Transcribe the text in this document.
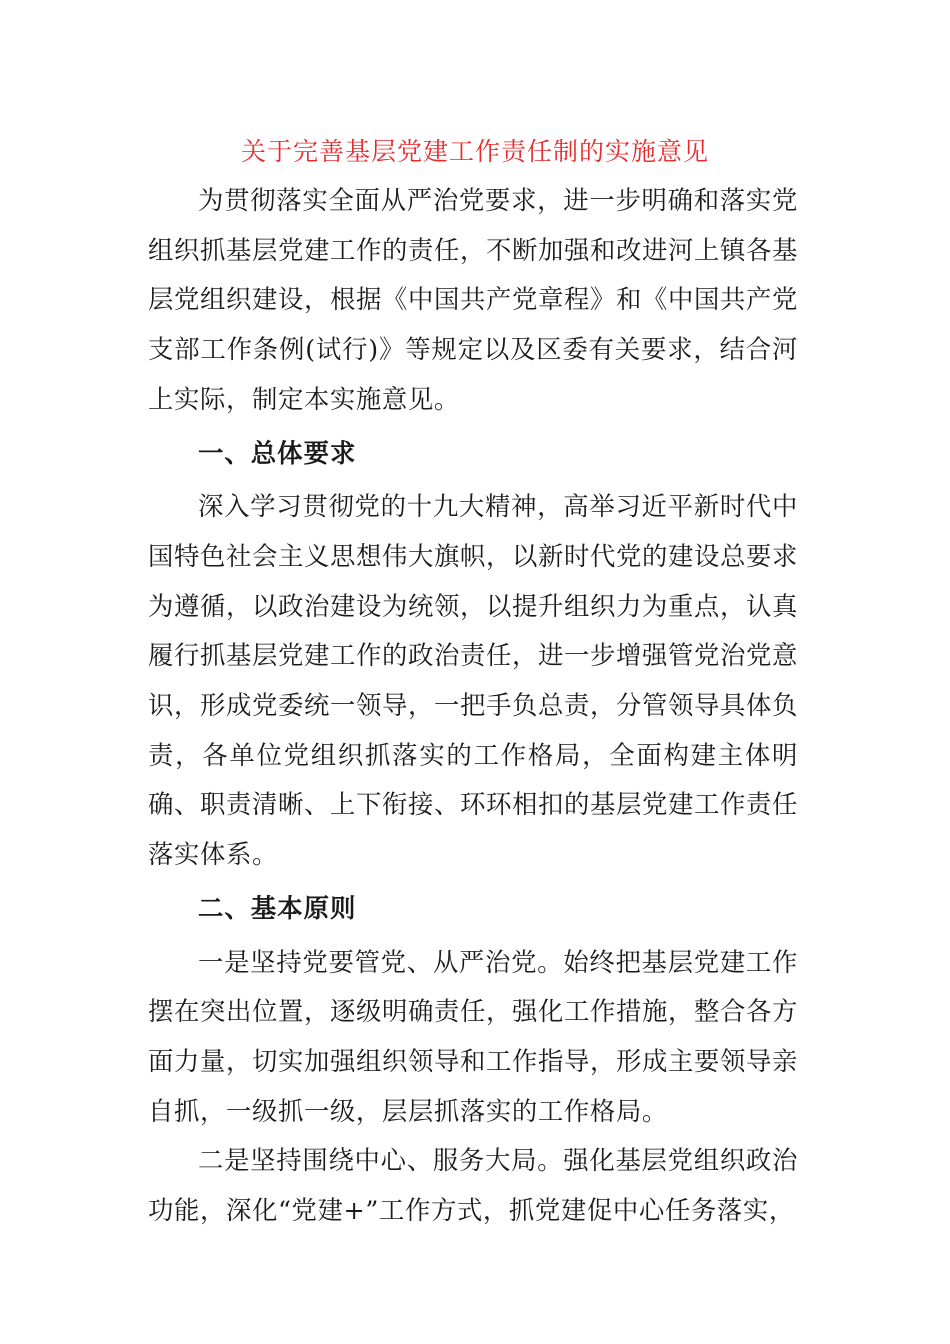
关于完善基层党建工作责任制的实施意见

为贯彻落实全面从严治党要求，进一步明确和落实党组织抓基层党建工作的责任，不断加强和改进河上镇各基层党组织建设，根据《中国共产党章程》和《中国共产党支部工作条例(试行)》等规定以及区委有关要求，结合河上实际，制定本实施意见。

一、总体要求

深入学习贯彻党的十九大精神，高举习近平新时代中国特色社会主义思想伟大旗帜，以新时代党的建设总要求为遵循，以政治建设为统领，以提升组织力为重点，认真履行抓基层党建工作的政治责任，进一步增强管党治党意识，形成党委统一领导，一把手负总责，分管领导具体负责，各单位党组织抓落实的工作格局，全面构建主体明确、职责清晰、上下衔接、环环相扣的基层党建工作责任落实体系。

二、基本原则

一是坚持党要管党、从严治党。始终把基层党建工作摆在突出位置，逐级明确责任，强化工作措施，整合各方面力量，切实加强组织领导和工作指导，形成主要领导亲自抓，一级抓一级，层层抓落实的工作格局。

二是坚持围绕中心、服务大局。强化基层党组织政治功能，深化“党建+”工作方式，抓党建促中心任务落实，
